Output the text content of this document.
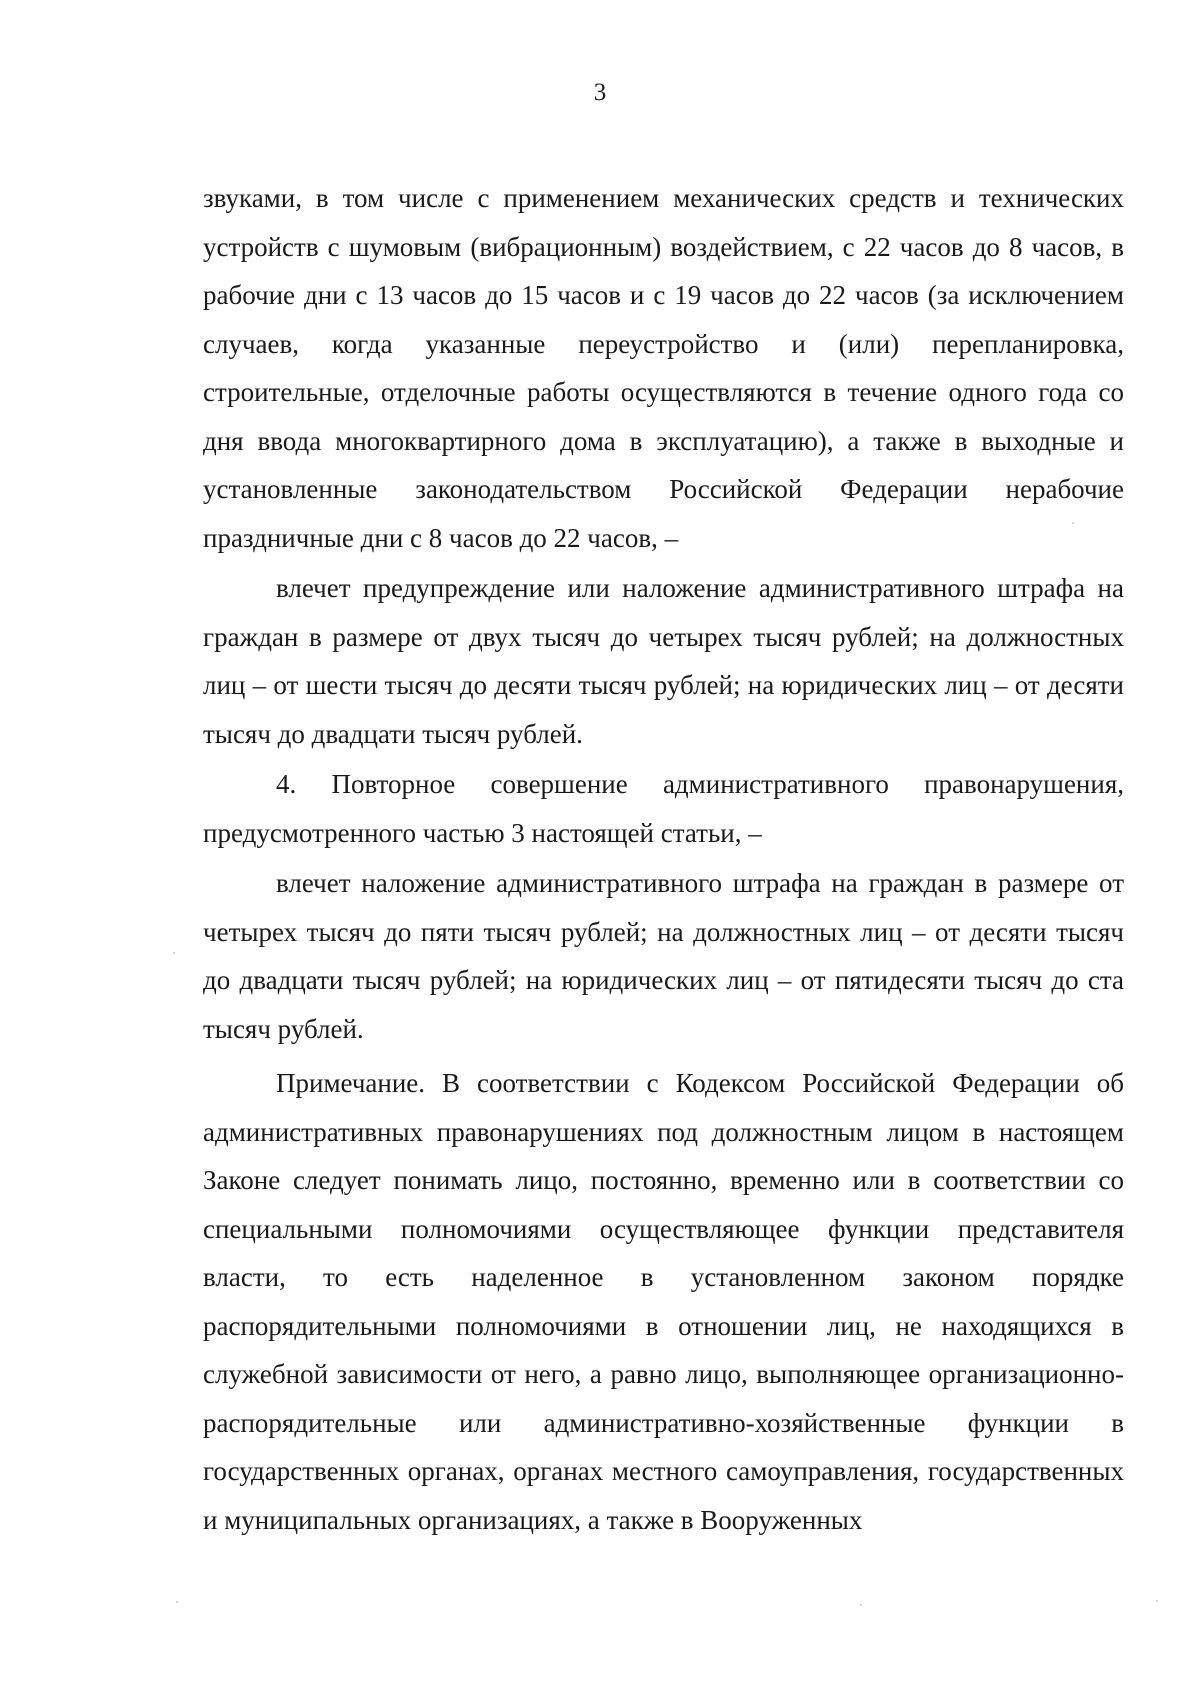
3

звуками, в том числе с применением механических средств и технических устройств с шумовым (вибрационным) воздействием, с 22 часов до 8 часов, в рабочие дни с 13 часов до 15 часов и с 19 часов до 22 часов (за исключением случаев, когда указанные переустройство и (или) перепланировка, строительные, отделочные работы осуществляются в течение одного года со дня ввода многоквартирного дома в эксплуатацию), а также в выходные и установленные законодательством Российской Федерации нерабочие праздничные дни с 8 часов до 22 часов, –

влечет предупреждение или наложение административного штрафа на граждан в размере от двух тысяч до четырех тысяч рублей; на должностных лиц – от шести тысяч до десяти тысяч рублей; на юридических лиц – от десяти тысяч до двадцати тысяч рублей.

4. Повторное совершение административного правонарушения, предусмотренного частью 3 настоящей статьи, –

влечет наложение административного штрафа на граждан в размере от четырех тысяч до пяти тысяч рублей; на должностных лиц – от десяти тысяч до двадцати тысяч рублей; на юридических лиц – от пятидесяти тысяч до ста тысяч рублей.

Примечание. В соответствии с Кодексом Российской Федерации об административных правонарушениях под должностным лицом в настоящем Законе следует понимать лицо, постоянно, временно или в соответствии со специальными полномочиями осуществляющее функции представителя власти, то есть наделенное в установленном законом порядке распорядительными полномочиями в отношении лиц, не находящихся в служебной зависимости от него, а равно лицо, выполняющее организационно-распорядительные или административно-хозяйственные функции в государственных органах, органах местного самоуправления, государственных и муниципальных организациях, а также в Вооруженных
